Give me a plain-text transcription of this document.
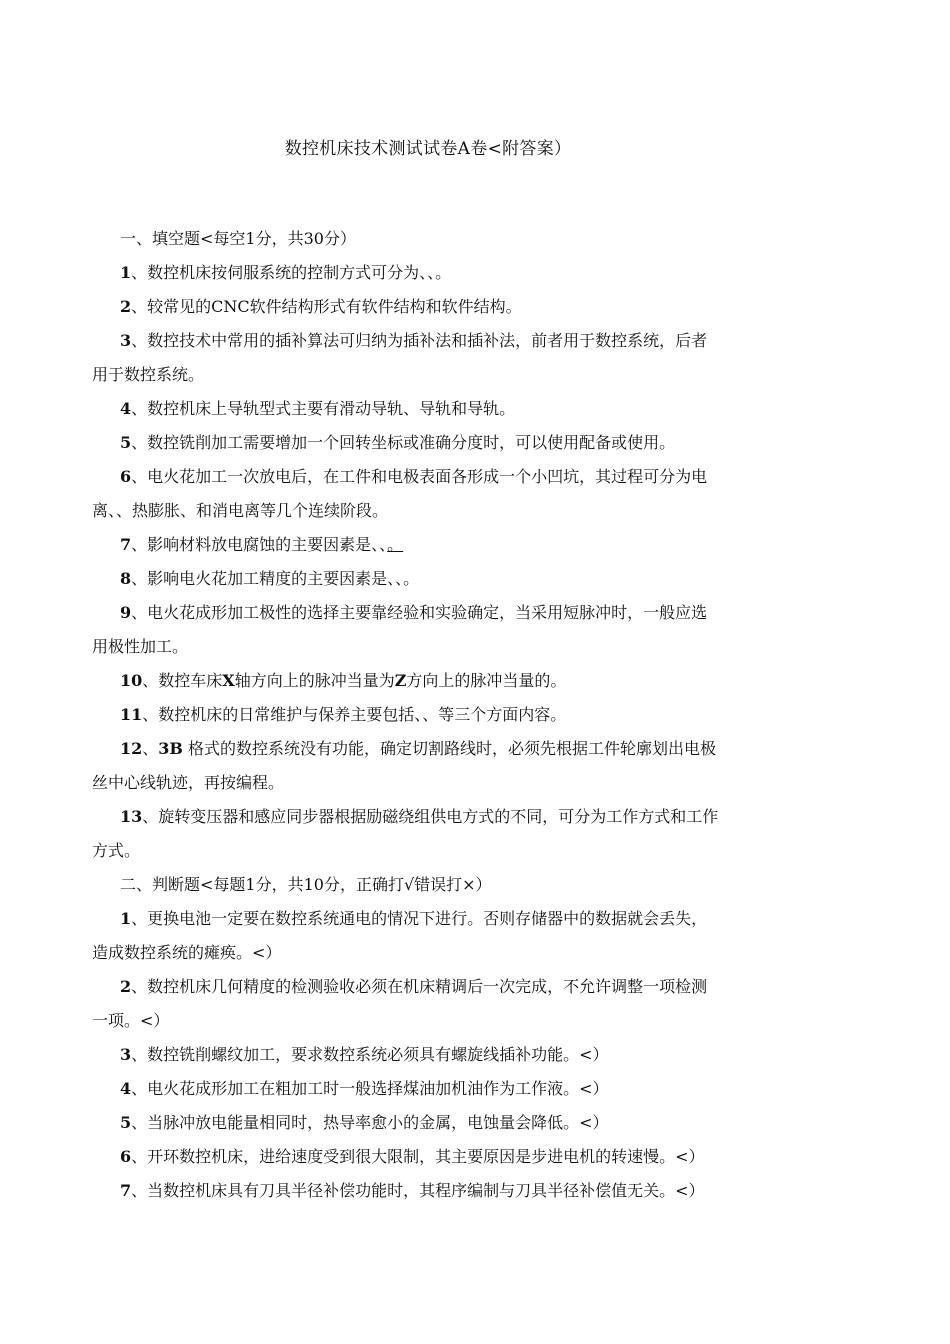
数控机床技术测试试卷A卷<附答案）
一、填空题<每空1分，共30分）
1、数控机床按伺服系统的控制方式可分为、、。
2、较常见的CNC软件结构形式有软件结构和软件结构。
3、数控技术中常用的插补算法可归纳为插补法和插补法，前者用于数控系统，后者
用于数控系统。
4、数控机床上导轨型式主要有滑动导轨、导轨和导轨。
5、数控铣削加工需要增加一个回转坐标或准确分度时，可以使用配备或使用。
6、电火花加工一次放电后，在工件和电极表面各形成一个小凹坑，其过程可分为电
离、、热膨胀、和消电离等几个连续阶段。
7、影响材料放电腐蚀的主要因素是、、。
8、影响电火花加工精度的主要因素是、、。
9、电火花成形加工极性的选择主要靠经验和实验确定，当采用短脉冲时，一般应选
用极性加工。
10、数控车床X轴方向上的脉冲当量为Z方向上的脉冲当量的。
11、数控机床的日常维护与保养主要包括、、等三个方面内容。
12、3B 格式的数控系统没有功能，确定切割路线时，必须先根据工件轮廓划出电极
丝中心线轨迹，再按编程。
13、旋转变压器和感应同步器根据励磁绕组供电方式的不同，可分为工作方式和工作
方式。
二、判断题<每题1分，共10分，正确打√错误打×）
1、更换电池一定要在数控系统通电的情况下进行。否则存储器中的数据就会丢失，
造成数控系统的瘫痪。<）
2、数控机床几何精度的检测验收必须在机床精调后一次完成，不允许调整一项检测
一项。<）
3、数控铣削螺纹加工，要求数控系统必须具有螺旋线插补功能。<）
4、电火花成形加工在粗加工时一般选择煤油加机油作为工作液。<）
5、当脉冲放电能量相同时，热导率愈小的金属，电蚀量会降低。<）
6、开环数控机床，进给速度受到很大限制，其主要原因是步进电机的转速慢。<）
7、当数控机床具有刀具半径补偿功能时，其程序编制与刀具半径补偿值无关。<）
